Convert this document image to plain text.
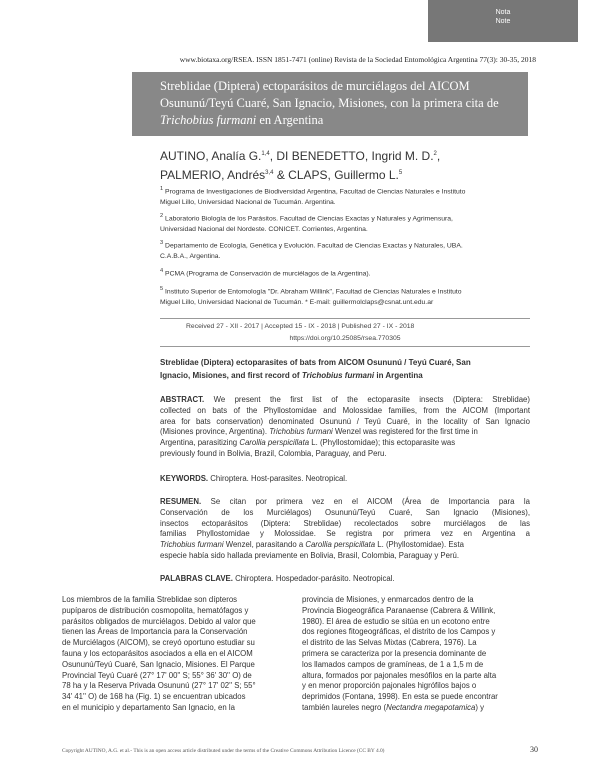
Nota
Note
www.biotaxa.org/RSEA. ISSN 1851-7471 (online) Revista de la Sociedad Entomológica Argentina 77(3): 30-35, 2018
Streblidae (Diptera) ectoparásitos de murciélagos del AICOM
Osununú/Teyú Cuaré, San Ignacio, Misiones, con la primera cita de
Trichobius furmani en Argentina
AUTINO, Analía G.$^{1,4}$, DI BENEDETTO, Ingrid M. D.$^2$,
PALMERIO, Andrés$^{3,4}$ & CLAPS, Guillermo L.$^5$
$^1$ Programa de Investigaciones de Biodiversidad Argentina, Facultad de Ciencias Naturales e Instituto
Miguel Lillo, Universidad Nacional de Tucumán. Argentina.
$^2$ Laboratorio Biología de los Parásitos. Facultad de Ciencias Exactas y Naturales y Agrimensura,
Universidad Nacional del Nordeste. CONICET. Corrientes, Argentina.
$^3$ Departamento de Ecología, Genética y Evolución. Facultad de Ciencias Exactas y Naturales, UBA.
C.A.B.A., Argentina.
$^4$ PCMA (Programa de Conservación de murciélagos de la Argentina).
$^5$ Instituto Superior de Entomología "Dr. Abraham Willink", Facultad de Ciencias Naturales e Instituto
Miguel Lillo, Universidad Nacional de Tucumán. * E-mail: guillermolclaps@csnat.unt.edu.ar
Received 27 - XII - 2017 | Accepted 15 - IX - 2018 | Published 27 - IX - 2018
https://doi.org/10.25085/rsea.770305
Streblidae (Diptera) ectoparasites of bats from AICOM Osununú / Teyú Cuaré, San
Ignacio, Misiones, and first record of Trichobius furmani in Argentina
ABSTRACT. We present the first list of the ectoparasite insects (Diptera: Streblidae)
collected on bats of the Phyllostomidae and Molossidae families, from the AICOM (Important
area for bats conservation) denominated Osununú / Teyú Cuaré, in the locality of San Ignacio
(Misiones province, Argentina). Trichobius furmani Wenzel was registered for the first time in
Argentina, parasitizing Carollia perspicillata L. (Phyllostomidae); this ectoparasite was
previously found in Bolivia, Brazil, Colombia, Paraguay, and Peru.
KEYWORDS. Chiroptera. Host-parasites. Neotropical.
RESUMEN. Se citan por primera vez en el AICOM (Área de Importancia para la
Conservación de los Murciélagos) Osununú/Teyú Cuaré, San Ignacio (Misiones),
insectos ectoparásitos (Diptera: Streblidae) recolectados sobre murciélagos de las
familias Phyllostomidae y Molossidae. Se registra por primera vez en Argentina a
Trichobius furmani Wenzel, parasitando a Carollia perspicillata L. (Phyllostomidae). Esta
especie había sido hallada previamente en Bolivia, Brasil, Colombia, Paraguay y Perú.
PALABRAS CLAVE. Chiroptera. Hospedador-parásito. Neotropical.
Los miembros de la familia Streblidae son dípteros
pupíparos de distribución cosmopolita, hematófagos y
parásitos obligados de murciélagos. Debido al valor que
tienen las Áreas de Importancia para la Conservación
de Murciélagos (AICOM), se creyó oportuno estudiar su
fauna y los ectoparásitos asociados a ella en el AICOM
Osununú/Teyú Cuaré, San Ignacio, Misiones. El Parque
Provincial Teyú Cuaré (27° 17' 00'' S; 55° 36' 30'' O) de
78 ha y la Reserva Privada Osununú (27° 17' 02'' S; 55°
34' 41'' O) de 168 ha (Fig. 1) se encuentran ubicados
en el municipio y departamento San Ignacio, en la
provincia de Misiones, y enmarcados dentro de la
Provincia Biogeográfica Paranaense (Cabrera & Willink,
1980). El área de estudio se sitúa en un ecotono entre
dos regiones fitogeográficas, el distrito de los Campos y
el distrito de las Selvas Mixtas (Cabrera, 1976). La
primera se caracteriza por la presencia dominante de
los llamados campos de gramíneas, de 1 a 1,5 m de
altura, formados por pajonales mesófilos en la parte alta
y en menor proporción pajonales higrófilos bajos o
deprimidos (Fontana, 1998). En esta se puede encontrar
también laureles negro (Nectandra megapotamica) y
Copyright AUTINO, A.G. et al.- This is an open access article distributed under the terms of the Creative Commons Attribution Licence (CC BY 4.0)	30
